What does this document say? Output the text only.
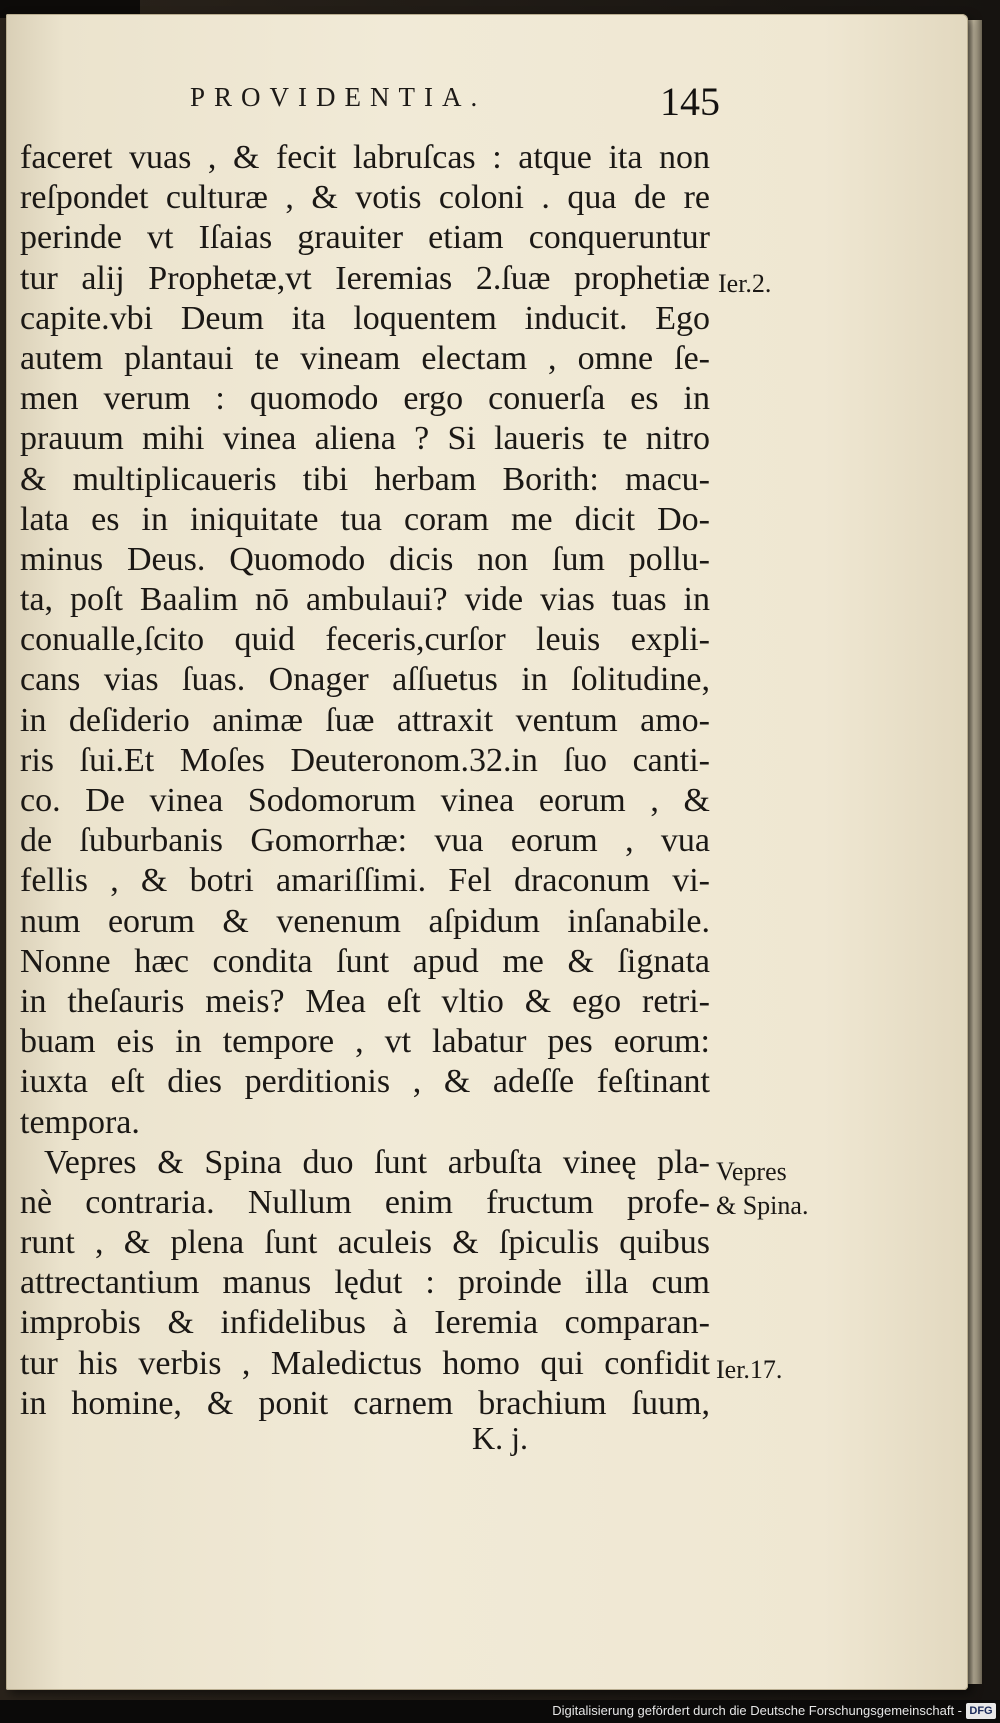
PROVIDENTIA.	145
faceret vuas , & fecit labruſcas : atque ita non
reſpondet culturæ , & votis coloni . qua de re
perinde vt Iſaias grauiter etiam conqueruntur
tur alij Prophetæ,vt Ieremias 2.ſuæ prophetiæ
capite.vbi Deum ita loquentem inducit. Ego
autem plantaui te vineam electam , omne ſe-
men verum : quomodo ergo conuerſa es in
prauum mihi vinea aliena ? Si laueris te nitro
& multiplicaueris tibi herbam Borith: macu-
lata es in iniquitate tua coram me dicit Do-
minus Deus. Quomodo dicis non ſum pollu-
ta, poſt Baalim nō ambulaui? vide vias tuas in
conualle,ſcito quid feceris,curſor leuis expli-
cans vias ſuas. Onager aſſuetus in ſolitudine,
in deſiderio animæ ſuæ attraxit ventum amo-
ris ſui.Et Moſes Deuteronom.32.in ſuo canti-
co. De vinea Sodomorum vinea eorum , &
de ſuburbanis Gomorrhæ: vua eorum , vua
fellis , & botri amariſſimi. Fel draconum vi-
num eorum & venenum aſpidum inſanabile.
Nonne hæc condita ſunt apud me & ſignata
in theſauris meis? Mea eſt vltio & ego retri-
buam eis in tempore , vt labatur pes eorum:
iuxta eſt dies perditionis , & adeſſe feſtinant
tempora.
Vepres & Spina duo ſunt arbuſta vineę pla-
nè contraria. Nullum enim fructum profe-
runt , & plena ſunt aculeis & ſpiculis quibus
attrectantium manus lędut : proinde illa cum
improbis & infidelibus à Ieremia comparan-
tur his verbis , Maledictus homo qui confidit
in homine, & ponit carnem brachium ſuum,
Ier.2.
Vepres
& Spina.
Ier.17.
K. j.
Digitalisierung gefördert durch die Deutsche Forschungsgemeinschaft - DFG
